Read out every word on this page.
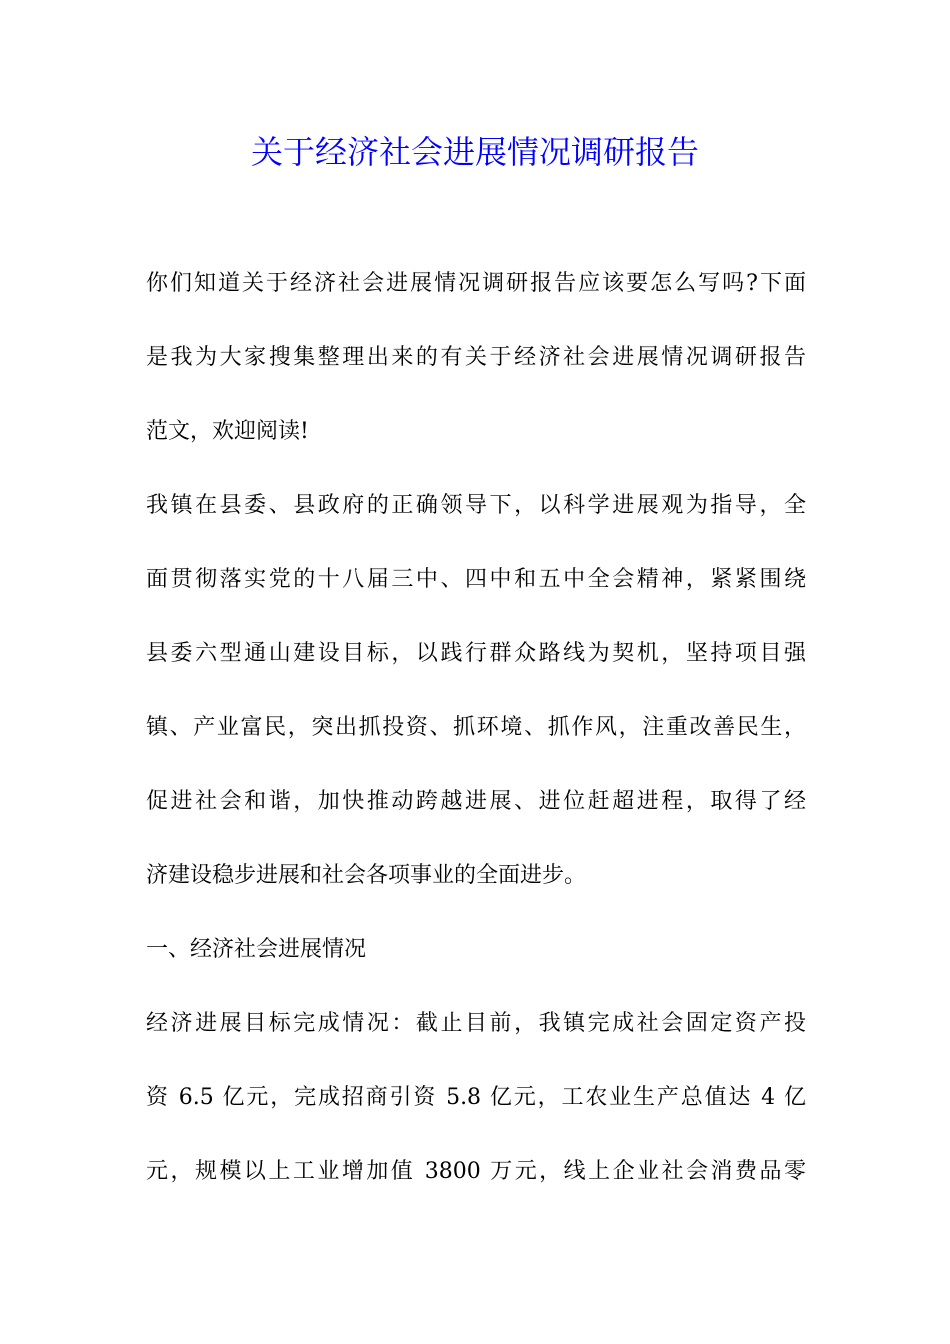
关于经济社会进展情况调研报告
你们知道关于经济社会进展情况调研报告应该要怎么写吗?下面
是我为大家搜集整理出来的有关于经济社会进展情况调研报告
范文，欢迎阅读!
我镇在县委、县政府的正确领导下，以科学进展观为指导，全
面贯彻落实党的十八届三中、四中和五中全会精神，紧紧围绕
县委六型通山建设目标，以践行群众路线为契机，坚持项目强
镇、产业富民，突出抓投资、抓环境、抓作风，注重改善民生，
促进社会和谐，加快推动跨越进展、进位赶超进程，取得了经
济建设稳步进展和社会各项事业的全面进步。
一、经济社会进展情况
经济进展目标完成情况：截止目前，我镇完成社会固定资产投
资 6.5 亿元，完成招商引资 5.8 亿元，工农业生产总值达 4 亿
元，规模以上工业增加值 3800 万元，线上企业社会消费品零
